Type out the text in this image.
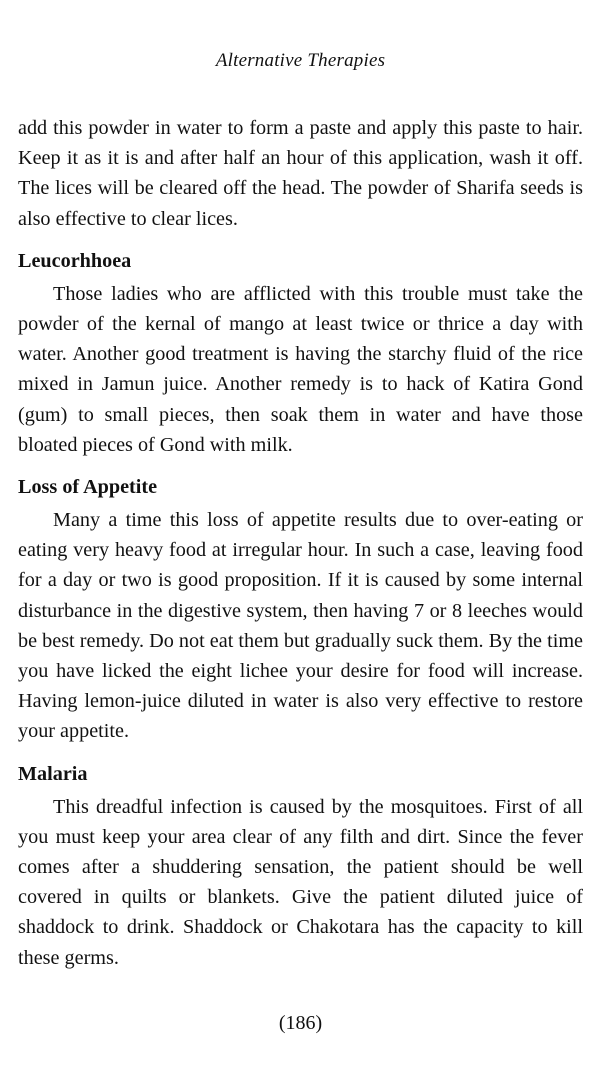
Alternative Therapies

add this powder in water to form a paste and apply this paste to hair. Keep it as it is and after half an hour of this application, wash it off. The lices will be cleared off the head. The powder of Sharifa seeds is also effective to clear lices.

Leucorhhoea

Those ladies who are afflicted with this trouble must take the powder of the kernal of mango at least twice or thrice a day with water. Another good treatment is having the starchy fluid of the rice mixed in Jamun juice. Another remedy is to hack of Katira Gond (gum) to small pieces, then soak them in water and have those bloated pieces of Gond with milk.

Loss of Appetite

Many a time this loss of appetite results due to over-eating or eating very heavy food at irregular hour. In such a case, leaving food for a day or two is good proposition. If it is caused by some internal disturbance in the digestive system, then having 7 or 8 leeches would be best remedy. Do not eat them but gradually suck them. By the time you have licked the eight lichee your desire for food will increase. Having lemon-juice diluted in water is also very effective to restore your appetite.

Malaria

This dreadful infection is caused by the mosquitoes. First of all you must keep your area clear of any filth and dirt. Since the fever comes after a shuddering sensation, the patient should be well covered in quilts or blankets. Give the patient diluted juice of shaddock to drink. Shaddock or Chakotara has the capacity to kill these germs.

(186)
